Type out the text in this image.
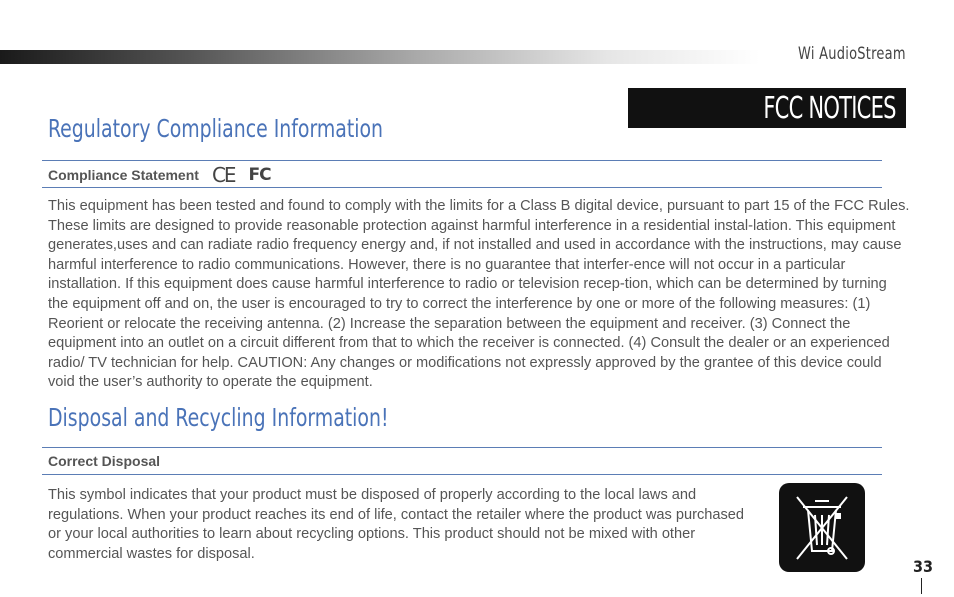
Wi AudioStream
FCC NOTICES
Regulatory Compliance Information
Compliance Statement CE FC
This equipment has been tested and found to comply with the limits for a Class B digital device, pursuant to part 15 of the FCC Rules. These limits are designed to provide reasonable protection against harmful interference in a residential instal-lation. This equipment generates,uses and can radiate radio frequency energy and, if not installed and used in accordance with the instructions, may cause harmful interference to radio communications. However, there is no guarantee that interfer-ence will not occur in a particular installation. If this equipment does cause harmful interference to radio or television recep-tion, which can be determined by turning the equipment off and on, the user is encouraged to try to correct the interference by one or more of the following measures: (1) Reorient or relocate the receiving antenna. (2) Increase the separation between the equipment and receiver. (3) Connect the equipment into an outlet on a circuit different from that to which the receiver is connected. (4) Consult the dealer or an experienced radio/ TV technician for help. CAUTION: Any changes or modifications not expressly approved by the grantee of this device could void the user’s authority to operate the equipment.
Disposal and Recycling Information!
Correct Disposal
This symbol indicates that your product must be disposed of properly according to the local laws and regulations. When your product reaches its end of life, contact the retailer where the product was purchased or your local authorities to learn about recycling options. This product should not be mixed with other commercial wastes for disposal.
33
